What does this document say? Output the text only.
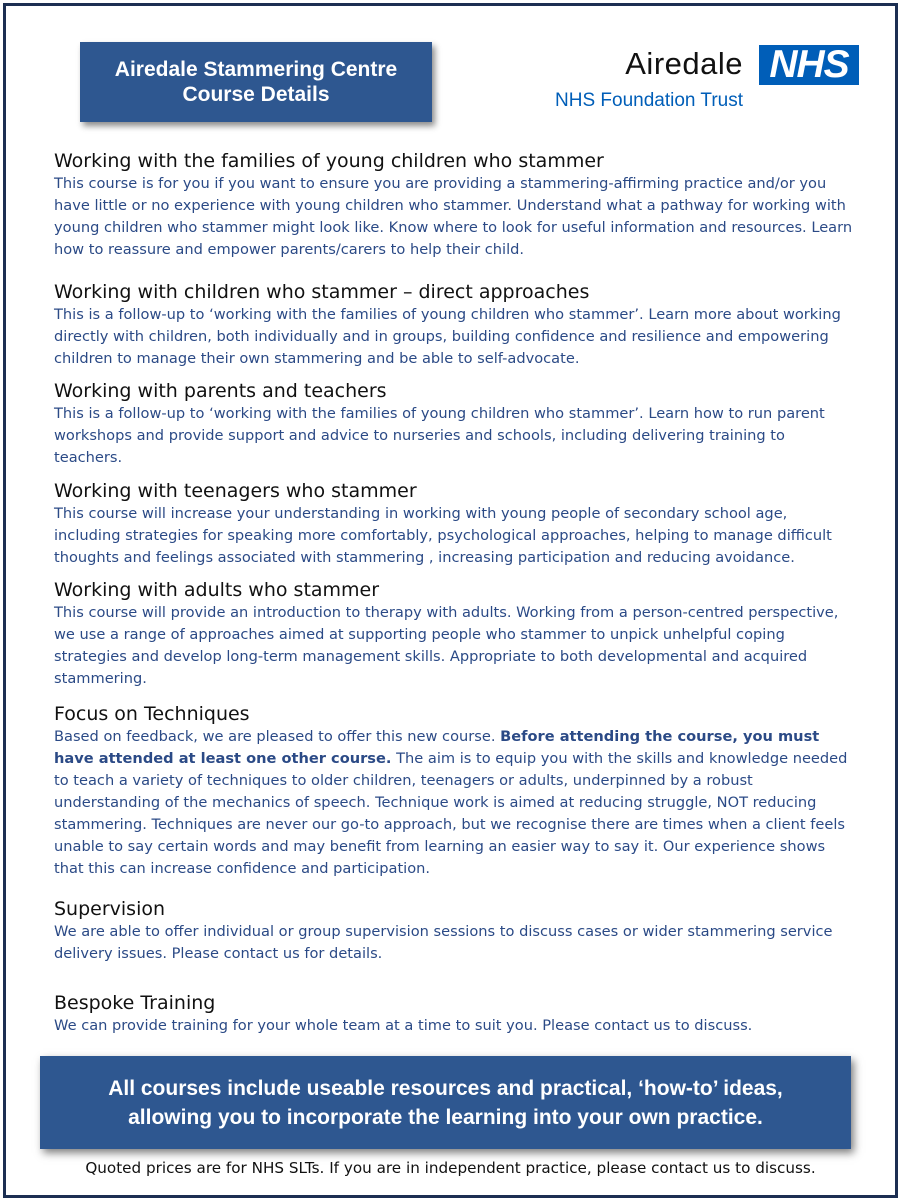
Airedale Stammering Centre
Course Details
Airedale NHS
NHS Foundation Trust
Working with the families of young children who stammer

This course is for you if you want to ensure you are providing a stammering-affirming practice and/or you have little or no experience with young children who stammer. Understand what a pathway for working with young children who stammer might look like. Know where to look for useful information and resources. Learn how to reassure and empower parents/carers to help their child.

Working with children who stammer – direct approaches

This is a follow-up to ‘working with the families of young children who stammer’. Learn more about working directly with children, both individually and in groups, building confidence and resilience and empowering children to manage their own stammering and be able to self-advocate.

Working with parents and teachers

This is a follow-up to ‘working with the families of young children who stammer’. Learn how to run parent workshops and provide support and advice to nurseries and schools, including delivering training to teachers.

Working with teenagers who stammer

This course will increase your understanding in working with young people of secondary school age, including strategies for speaking more comfortably, psychological approaches, helping to manage difficult thoughts and feelings associated with stammering , increasing participation and reducing avoidance.

Working with adults who stammer

This course will provide an introduction to therapy with adults. Working from a person-centred perspective, we use a range of approaches aimed at supporting people who stammer to unpick unhelpful coping strategies and develop long-term management skills. Appropriate to both developmental and acquired stammering.

Focus on Techniques

Based on feedback, we are pleased to offer this new course. Before attending the course, you must have attended at least one other course. The aim is to equip you with the skills and knowledge needed to teach a variety of techniques to older children, teenagers or adults, underpinned by a robust understanding of the mechanics of speech. Technique work is aimed at reducing struggle, NOT reducing stammering. Techniques are never our go-to approach, but we recognise there are times when a client feels unable to say certain words and may benefit from learning an easier way to say it. Our experience shows that this can increase confidence and participation.

Supervision

We are able to offer individual or group supervision sessions to discuss cases or wider stammering service delivery issues. Please contact us for details.

Bespoke Training

We can provide training for your whole team at a time to suit you. Please contact us to discuss.

All courses include useable resources and practical, ‘how-to’ ideas,
allowing you to incorporate the learning into your own practice.
Quoted prices are for NHS SLTs. If you are in independent practice, please contact us to discuss.
